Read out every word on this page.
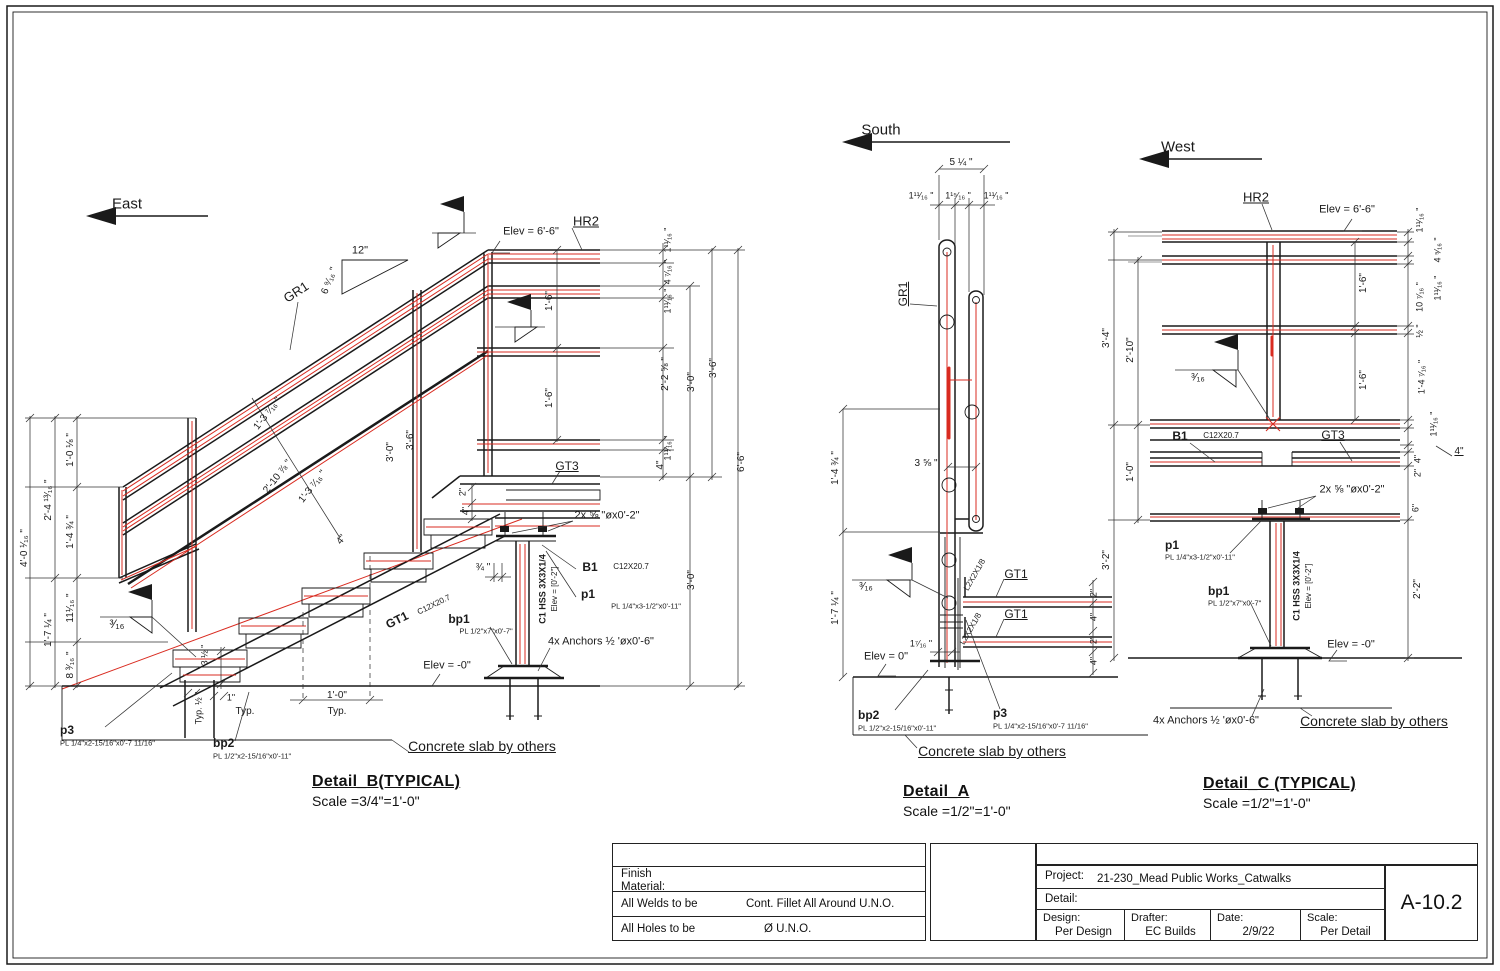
East
South
West
GR1
12"
6 ⁹⁄₁₆ "
Elev = 6'-6"
HR2
1¹¹⁄₁₆ "
4 ⁷⁄₁₆ "
1¹¹⁄₁₆ "
2'-2 ⅝ "
1¹¹⁄₁₆ "
4"
1'-6"
1'-6"
3'-0"
3'-6"
6'-6"
3'-0"
GT3
2"
4"	2x ⅝ "øx0'-2"
¾ "	B1 C12X20.7
p1
PL 1/4"x3-1/2"x0'-11"
C1 HSS 3X3X1/4 Elev = [0'-2"]
bp1
PL 1/2"x7"x0'-7"
4x Anchors ½ 'øx0'-6"
Elev = -0"
GT1
C12X20.7
4'-0 ¹⁄₁₆ "
2'-4 ¹³⁄₁₆ "
1'-7 ¼ "
1'-0 ⅛ "
1'-4 ¾ "
11¹⁄₁₆ "
8 ³⁄₁₆ "
³⁄₁₆
1'-3 ⁷⁄₁₆ "
2'-10 ⅞ " 1'-3 ⁷⁄₁₆ "
4"
3'-0"
3'-6"
3 ½ "
Typ. ½ "	1"
Typ.
1'-0"
Typ.
p3
PL 1/4"x2-15/16"x0'-7 11/16"	bp2
PL 1/2"x2-15/16"x0'-11"
Concrete slab by others
5 ¼ "
1¹¹⁄₁₆ " 1¹⁵⁄₁₆ " 1¹¹⁄₁₆ "
GR1
1'-4 ¾ "	3 ⅝ "
1'-7 ¼ "
³⁄₁₆
GT1
GT1
L2X2X1/8
L2X2X1/8
2"
4"
2"
4"
1⁷⁄₁₆ "
Elev = 0"
bp2
PL 1/2"x2-15/16"x0'-11"
p3
PL 1/4"x2-15/16"x0'-7 11/16"
Concrete slab by others
HR2
Elev = 6'-6"
1'-6"
1'-6"
3'-4" 2'-10"
1'-0"
3'-2"
³⁄₁₆
B1 C12X20.7	GT3
2x ⅝ "øx0'-2"
p1
PL 1/4"x3-1/2"x0'-11"
bp1
PL 1/2"x7"x0'-7"	C1 HSS 3X3X1/4 Elev = [0'-2"]
Elev = -0"
4x Anchors ½ 'øx0'-6"	Concrete slab by others
1¹¹⁄₁₆ "
4 ⁵⁄₁₆ "
1¹¹⁄₁₆ "
10 ⁷⁄₁₆ "
½ "
1'-4 ⁷⁄₁₆ "
1¹¹⁄₁₆ "
4"
4"
2"
6"
2'-2"
Detail_B(TYPICAL)
Scale =3/4"=1'-0"
Detail_A
Scale =1/2"=1'-0"
Detail_C (TYPICAL)
Scale =1/2"=1'-0"
Finish
Material:
All Welds to be	Cont. Fillet All Around U.N.O.
All Holes to be	Ø U.N.O.
Project: 21-230_Mead Public Works_Catwalks
Detail:
Design:
Per Design
Drafter:
EC Builds
Date:
2/9/22
Scale:
Per Detail
A-10.2
